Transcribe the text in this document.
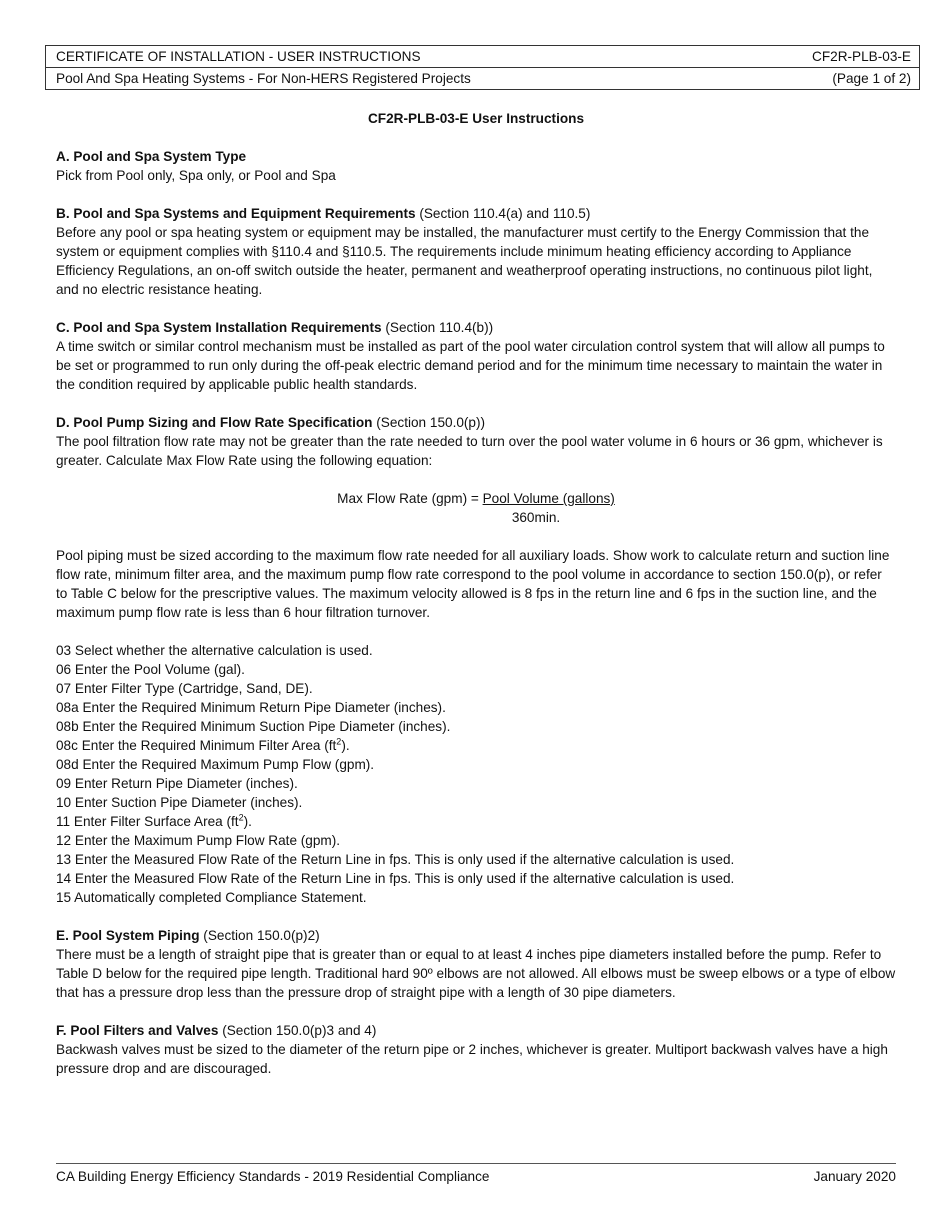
CERTIFICATE OF INSTALLATION - USER INSTRUCTIONS	CF2R-PLB-03-E
Pool And Spa Heating Systems - For Non-HERS Registered Projects	(Page 1 of 2)
CF2R-PLB-03-E User Instructions

A. Pool and Spa System Type

Pick from Pool only, Spa only, or Pool and Spa

B. Pool and Spa Systems and Equipment Requirements (Section 110.4(a) and 110.5)

Before any pool or spa heating system or equipment may be installed, the manufacturer must certify to the Energy Commission that the system or equipment complies with §110.4 and §110.5. The requirements include minimum heating efficiency according to Appliance Efficiency Regulations, an on-off switch outside the heater, permanent and weatherproof operating instructions, no continuous pilot light, and no electric resistance heating.

C. Pool and Spa System Installation Requirements (Section 110.4(b))

A time switch or similar control mechanism must be installed as part of the pool water circulation control system that will allow all pumps to be set or programmed to run only during the off-peak electric demand period and for the minimum time necessary to maintain the water in the condition required by applicable public health standards.

D. Pool Pump Sizing and Flow Rate Specification (Section 150.0(p))

The pool filtration flow rate may not be greater than the rate needed to turn over the pool water volume in 6 hours or 36 gpm, whichever is greater. Calculate Max Flow Rate using the following equation:

Max Flow Rate (gpm) = Pool Volume (gallons)
360min.

Pool piping must be sized according to the maximum flow rate needed for all auxiliary loads. Show work to calculate return and suction line flow rate, minimum filter area, and the maximum pump flow rate correspond to the pool volume in accordance to section 150.0(p), or refer to Table C below for the prescriptive values. The maximum velocity allowed is 8 fps in the return line and 6 fps in the suction line, and the maximum pump flow rate is less than 6 hour filtration turnover.

03 Select whether the alternative calculation is used.
06 Enter the Pool Volume (gal).
07 Enter Filter Type (Cartridge, Sand, DE).
08a Enter the Required Minimum Return Pipe Diameter (inches).
08b Enter the Required Minimum Suction Pipe Diameter (inches).
08c Enter the Required Minimum Filter Area $(ft^2)$.
08d Enter the Required Maximum Pump Flow (gpm).
09 Enter Return Pipe Diameter (inches).
10 Enter Suction Pipe Diameter (inches).
11 Enter Filter Surface Area $(ft^2)$.
12 Enter the Maximum Pump Flow Rate (gpm).
13 Enter the Measured Flow Rate of the Return Line in fps. This is only used if the alternative calculation is used.
14 Enter the Measured Flow Rate of the Return Line in fps. This is only used if the alternative calculation is used.
15 Automatically completed Compliance Statement.

E. Pool System Piping (Section 150.0(p)2)

There must be a length of straight pipe that is greater than or equal to at least 4 inches pipe diameters installed before the pump. Refer to Table D below for the required pipe length. Traditional hard 90º elbows are not allowed. All elbows must be sweep elbows or a type of elbow that has a pressure drop less than the pressure drop of straight pipe with a length of 30 pipe diameters.

F. Pool Filters and Valves (Section 150.0(p)3 and 4)

Backwash valves must be sized to the diameter of the return pipe or 2 inches, whichever is greater. Multiport backwash valves have a high pressure drop and are discouraged.

CA Building Energy Efficiency Standards - 2019 Residential Compliance	January 2020
